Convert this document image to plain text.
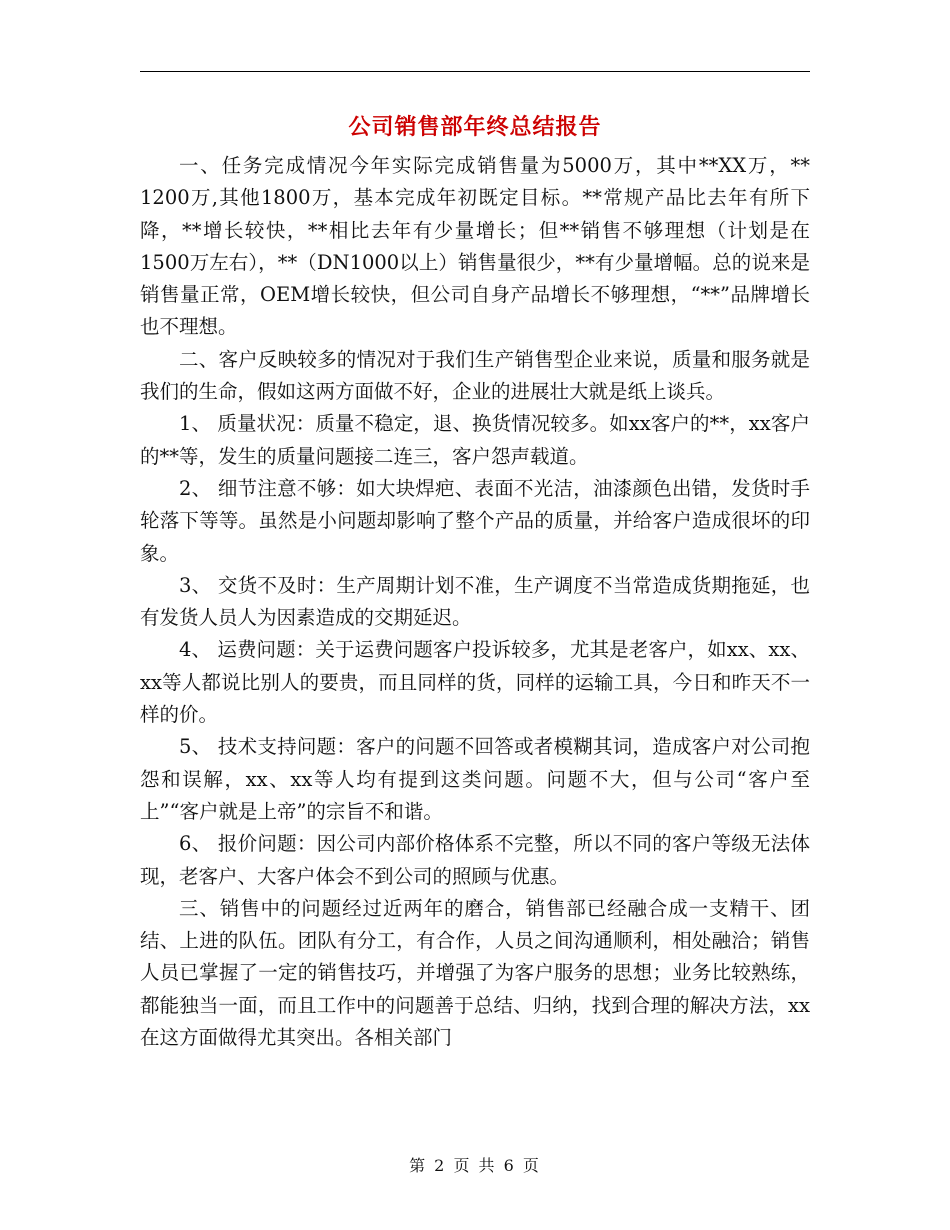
公司销售部年终总结报告

一、任务完成情况今年实际完成销售量为5000万，其中**XX万，** 1200万,其他1800万，基本完成年初既定目标。**常规产品比去年有所下降，**增长较快，**相比去年有少量增长；但**销售不够理想（计划是在1500万左右），**（DN1000以上）销售量很少，**有少量增幅。总的说来是销售量正常，OEM增长较快，但公司自身产品增长不够理想，“**”品牌增长也不理想。

二、客户反映较多的情况对于我们生产销售型企业来说，质量和服务就是我们的生命，假如这两方面做不好，企业的进展壮大就是纸上谈兵。

1、 质量状况：质量不稳定，退、换货情况较多。如xx客户的**，xx客户的**等，发生的质量问题接二连三，客户怨声载道。

2、 细节注意不够：如大块焊疤、表面不光洁，油漆颜色出错，发货时手轮落下等等。虽然是小问题却影响了整个产品的质量，并给客户造成很坏的印象。

3、 交货不及时：生产周期计划不准，生产调度不当常造成货期拖延，也有发货人员人为因素造成的交期延迟。

4、 运费问题：关于运费问题客户投诉较多，尤其是老客户，如xx、xx、xx等人都说比别人的要贵，而且同样的货，同样的运输工具，今日和昨天不一样的价。

5、 技术支持问题：客户的问题不回答或者模糊其词，造成客户对公司抱怨和误解，xx、xx等人均有提到这类问题。问题不大，但与公司“客户至上”“客户就是上帝”的宗旨不和谐。

6、 报价问题：因公司内部价格体系不完整，所以不同的客户等级无法体现，老客户、大客户体会不到公司的照顾与优惠。

三、销售中的问题经过近两年的磨合，销售部已经融合成一支精干、团结、上进的队伍。团队有分工，有合作，人员之间沟通顺利，相处融洽；销售人员已掌握了一定的销售技巧，并增强了为客户服务的思想；业务比较熟练，都能独当一面，而且工作中的问题善于总结、归纳，找到合理的解决方法，xx在这方面做得尤其突出。各相关部门

第 2 页 共 6 页
